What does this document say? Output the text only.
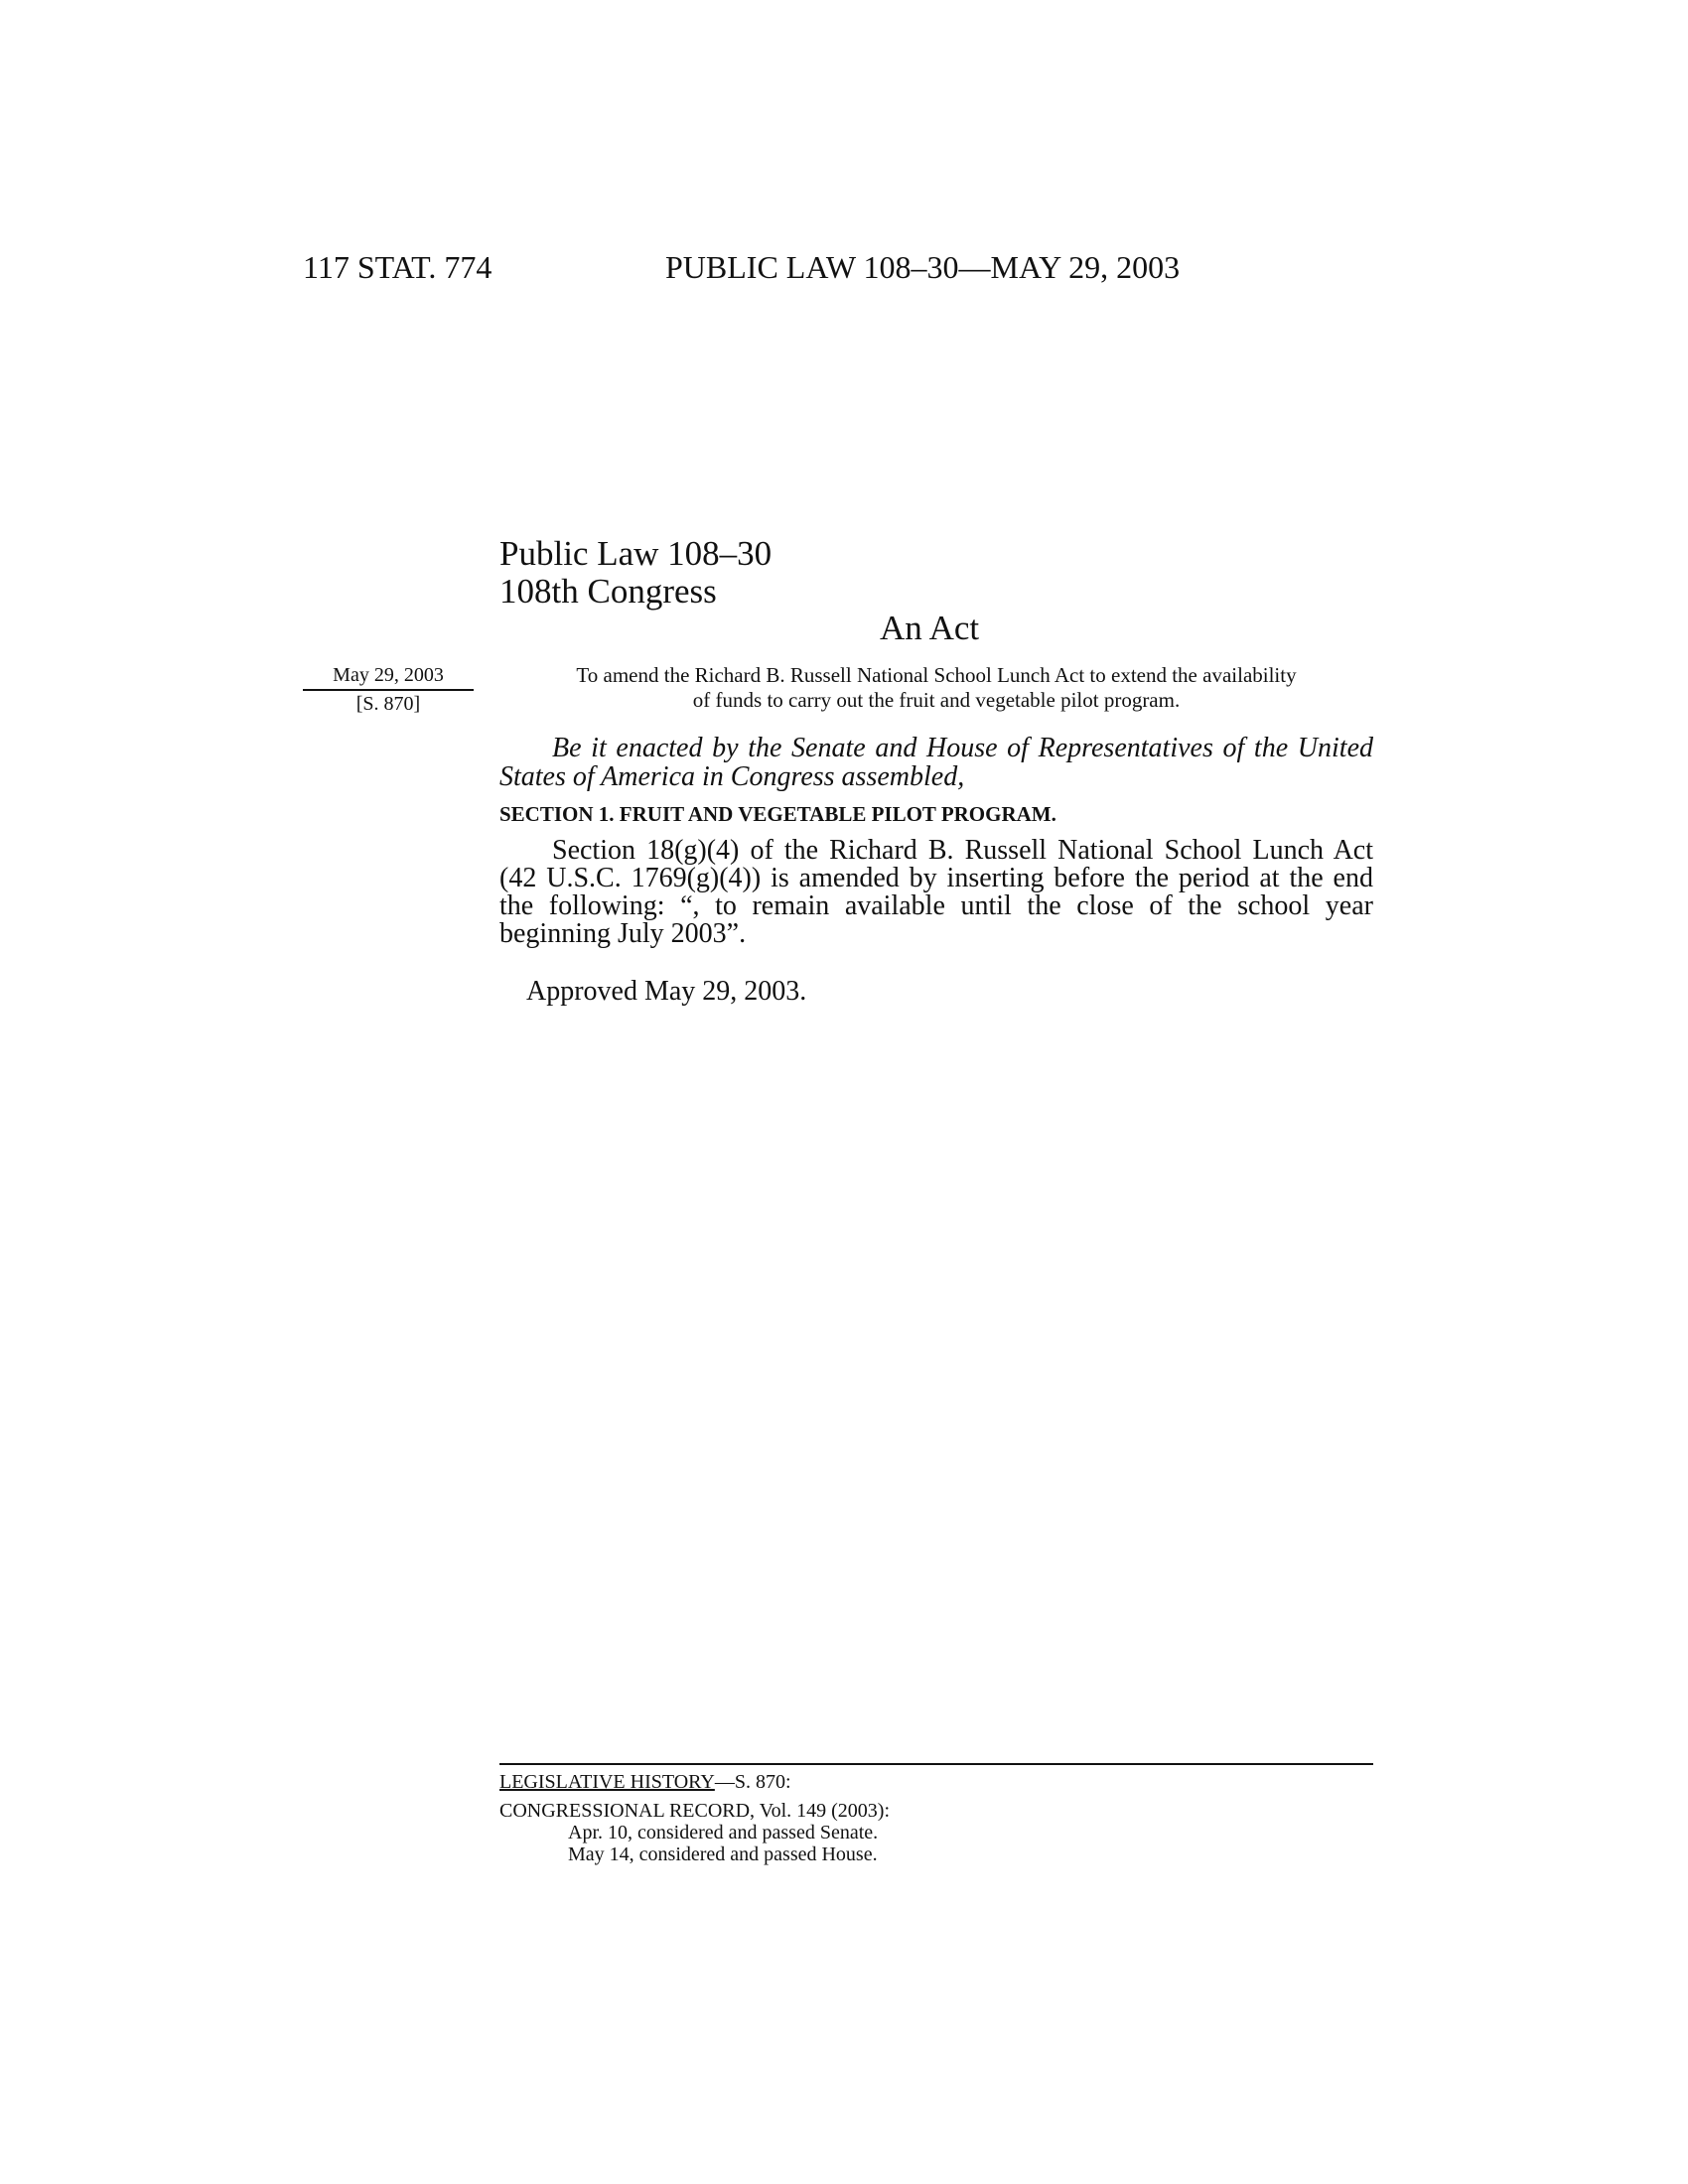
117 STAT. 774	PUBLIC LAW 108–30—MAY 29, 2003
Public Law 108–30
108th Congress
An Act
May 29, 2003
[S. 870]
To amend the Richard B. Russell National School Lunch Act to extend the availability
of funds to carry out the fruit and vegetable pilot program.
Be it enacted by the Senate and House of Representatives of the United States of America in Congress assembled,
SECTION 1. FRUIT AND VEGETABLE PILOT PROGRAM.
Section 18(g)(4) of the Richard B. Russell National School Lunch Act (42 U.S.C. 1769(g)(4)) is amended by inserting before the period at the end the following: “, to remain available until the close of the school year beginning July 2003”.
Approved May 29, 2003.
LEGISLATIVE HISTORY—S. 870:
CONGRESSIONAL RECORD, Vol. 149 (2003):
Apr. 10, considered and passed Senate.
May 14, considered and passed House.
